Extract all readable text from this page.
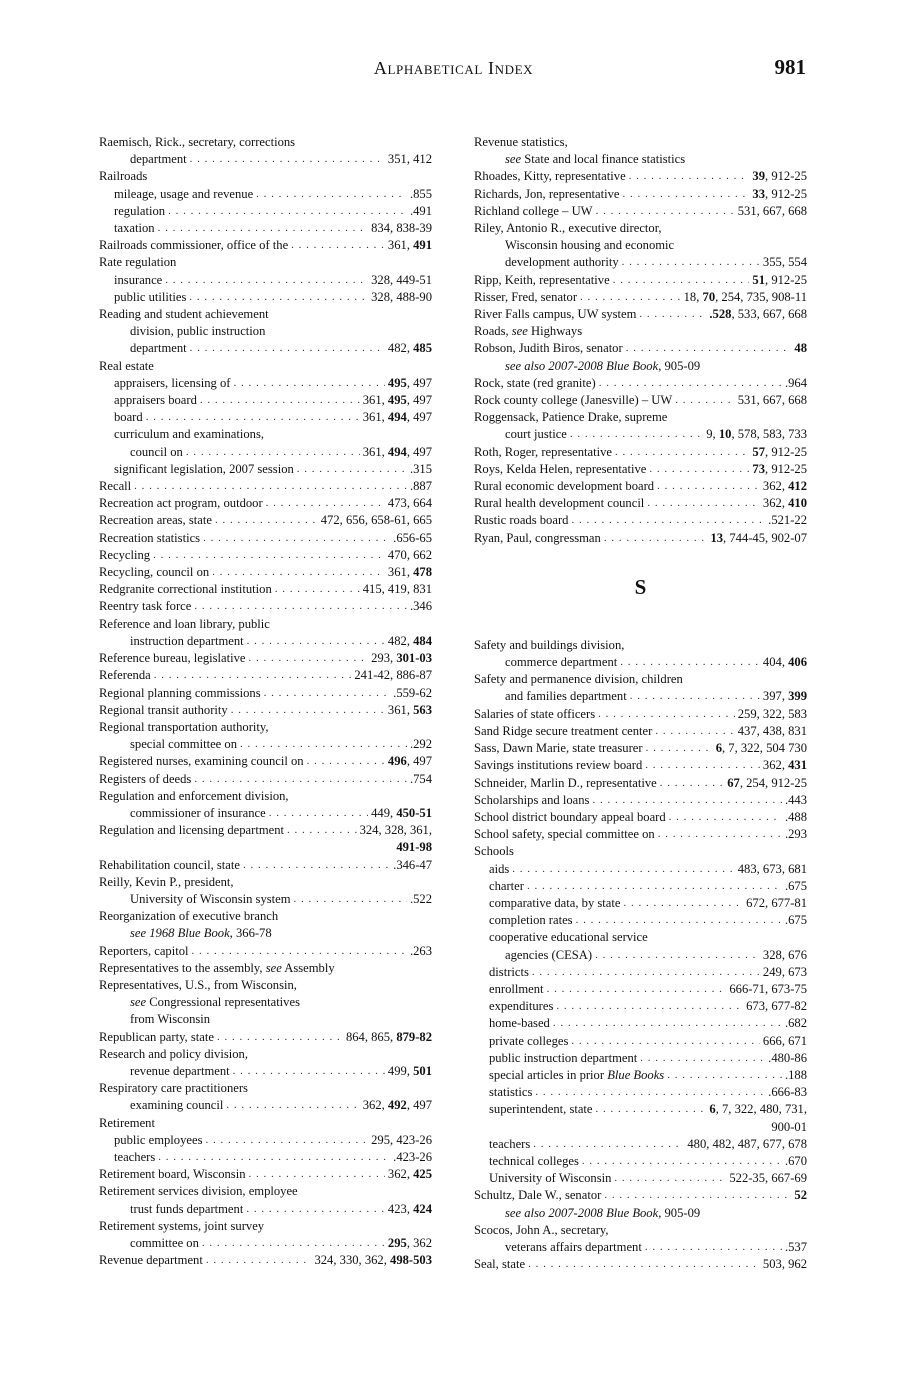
Alphabetical Index	981
Raemisch, Rick., secretary, corrections
department . . .	351, 412
Railroads
mileage, usage and revenue . . .	.855
regulation . . .	.491
taxation . . .	834, 838-39
Railroads commissioner, office of the . . .	361, 491
Rate regulation
insurance . . .	328, 449-51
public utilities . . .	328, 488-90
Reading and student achievement
division, public instruction
department . . .	482, 485
Real estate
appraisers, licensing of . . .	495, 497
appraisers board . . .	361, 495, 497
board . . .	361, 494, 497
curriculum and examinations,
council on . . .	361, 494, 497
significant legislation, 2007 session . . .	.315
Recall . . .	.887
Recreation act program, outdoor . . .	473, 664
Recreation areas, state . . .	472, 656, 658-61, 665
Recreation statistics . . .	.656-65
Recycling . . .	470, 662
Recycling, council on . . .	361, 478
Redgranite correctional institution . . .	415, 419, 831
Reentry task force . . .	.346
Reference and loan library, public
instruction department . . .	482, 484
Reference bureau, legislative . . .	293, 301-03
Referenda . . .	241-42, 886-87
Regional planning commissions . . .	.559-62
Regional transit authority . . .	361, 563
Regional transportation authority,
special committee on . . .	.292
Registered nurses, examining council on . . .	496, 497
Registers of deeds . . .	.754
Regulation and enforcement division,
commissioner of insurance . . .	449, 450-51
Regulation and licensing department . . .	324, 328, 361,
491-98
Rehabilitation council, state . . .	.346-47
Reilly, Kevin P., president,
University of Wisconsin system . . .	.522
Reorganization of executive branch
see 1968 Blue Book, 366-78
Reporters, capitol . . .	.263
Representatives to the assembly, see Assembly
Representatives, U.S., from Wisconsin,
see Congressional representatives
from Wisconsin
Republican party, state . . .	864, 865, 879-82
Research and policy division,
revenue department . . .	499, 501
Respiratory care practitioners
examining council . . .	362, 492, 497
Retirement
public employees . . .	295, 423-26
teachers . . .	.423-26
Retirement board, Wisconsin . . .	362, 425
Retirement services division, employee
trust funds department . . .	423, 424
Retirement systems, joint survey
committee on . . .	295, 362
Revenue department . . .	324, 330, 362, 498-503
Revenue statistics,
see State and local finance statistics
Rhoades, Kitty, representative . . .	39, 912-25
Richards, Jon, representative . . .	33, 912-25
Richland college – UW . . .	531, 667, 668
Riley, Antonio R., executive director,
Wisconsin housing and economic
development authority . . .	355, 554
Ripp, Keith, representative . . .	51, 912-25
Risser, Fred, senator . . .	18, 70, 254, 735, 908-11
River Falls campus, UW system . . .	.528, 533, 667, 668
Roads, see Highways
Robson, Judith Biros, senator . . .	48
see also 2007-2008 Blue Book, 905-09
Rock, state (red granite) . . .	.964
Rock county college (Janesville) – UW . . .	531, 667, 668
Roggensack, Patience Drake, supreme
court justice . . .	9, 10, 578, 583, 733
Roth, Roger, representative . . .	57, 912-25
Roys, Kelda Helen, representative . . .	73, 912-25
Rural economic development board . . .	362, 412
Rural health development council . . .	362, 410
Rustic roads board . . .	.521-22
Ryan, Paul, congressman . . .	13, 744-45, 902-07
S
Safety and buildings division,
commerce department . . .	404, 406
Safety and permanence division, children
and families department . . .	397, 399
Salaries of state officers . . .	259, 322, 583
Sand Ridge secure treatment center . . .	437, 438, 831
Sass, Dawn Marie, state treasurer . . .	6, 7, 322, 504 730
Savings institutions review board . . .	362, 431
Schneider, Marlin D., representative . . .	67, 254, 912-25
Scholarships and loans . . .	.443
School district boundary appeal board . . .	.488
School safety, special committee on . . .	.293
Schools
aids . . .	483, 673, 681
charter . . .	.675
comparative data, by state . . .	672, 677-81
completion rates . . .	.675
cooperative educational service
agencies (CESA) . . .	328, 676
districts . . .	249, 673
enrollment . . .	666-71, 673-75
expenditures . . .	673, 677-82
home-based . . .	.682
private colleges . . .	666, 671
public instruction department . . .	.480-86
special articles in prior Blue Books . . .	.188
statistics . . .	.666-83
superintendent, state . . .	6, 7, 322, 480, 731,
900-01
teachers . . .	480, 482, 487, 677, 678
technical colleges . . .	.670
University of Wisconsin . . .	522-35, 667-69
Schultz, Dale W., senator . . .	52
see also 2007-2008 Blue Book, 905-09
Scocos, John A., secretary,
veterans affairs department . . .	.537
Seal, state . . .	503, 962
